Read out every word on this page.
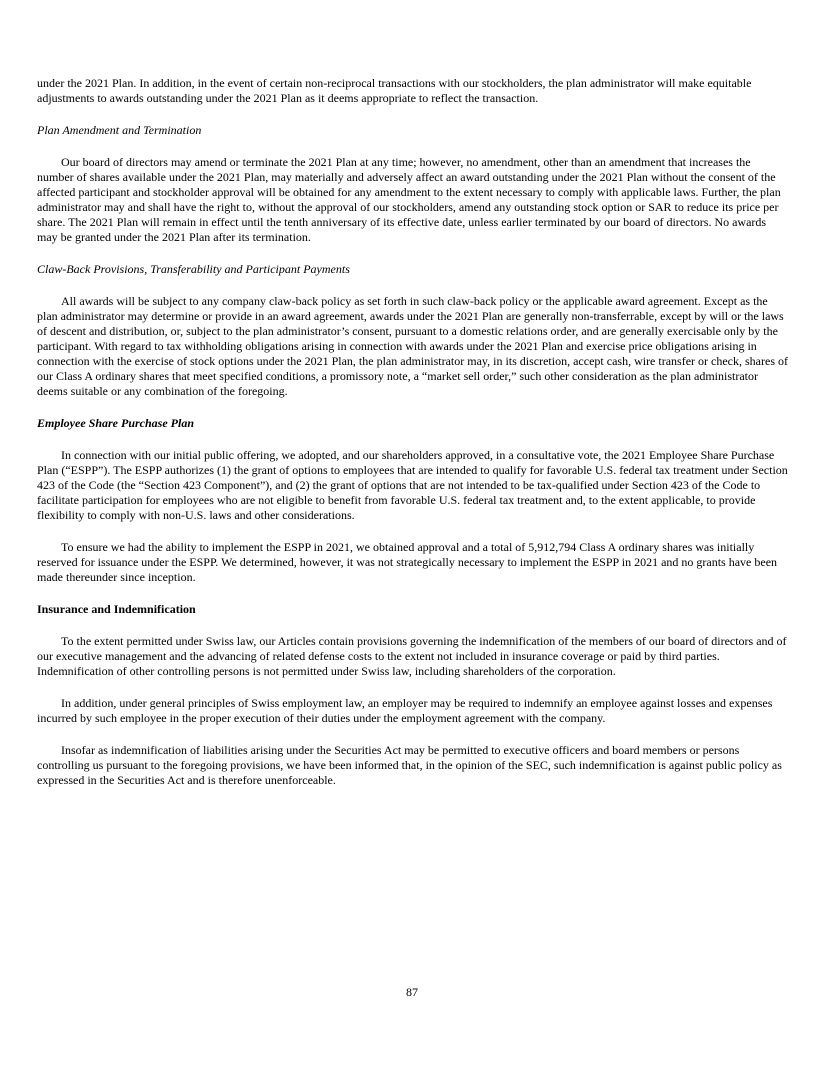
under the 2021 Plan. In addition, in the event of certain non-reciprocal transactions with our stockholders, the plan administrator will make equitable adjustments to awards outstanding under the 2021 Plan as it deems appropriate to reflect the transaction.

Plan Amendment and Termination

Our board of directors may amend or terminate the 2021 Plan at any time; however, no amendment, other than an amendment that increases the number of shares available under the 2021 Plan, may materially and adversely affect an award outstanding under the 2021 Plan without the consent of the affected participant and stockholder approval will be obtained for any amendment to the extent necessary to comply with applicable laws. Further, the plan administrator may and shall have the right to, without the approval of our stockholders, amend any outstanding stock option or SAR to reduce its price per share. The 2021 Plan will remain in effect until the tenth anniversary of its effective date, unless earlier terminated by our board of directors. No awards may be granted under the 2021 Plan after its termination.

Claw-Back Provisions, Transferability and Participant Payments

All awards will be subject to any company claw-back policy as set forth in such claw-back policy or the applicable award agreement. Except as the plan administrator may determine or provide in an award agreement, awards under the 2021 Plan are generally non-transferrable, except by will or the laws of descent and distribution, or, subject to the plan administrator’s consent, pursuant to a domestic relations order, and are generally exercisable only by the participant. With regard to tax withholding obligations arising in connection with awards under the 2021 Plan and exercise price obligations arising in connection with the exercise of stock options under the 2021 Plan, the plan administrator may, in its discretion, accept cash, wire transfer or check, shares of our Class A ordinary shares that meet specified conditions, a promissory note, a “market sell order,” such other consideration as the plan administrator deems suitable or any combination of the foregoing.

Employee Share Purchase Plan

In connection with our initial public offering, we adopted, and our shareholders approved, in a consultative vote, the 2021 Employee Share Purchase Plan (“ESPP”). The ESPP authorizes (1) the grant of options to employees that are intended to qualify for favorable U.S. federal tax treatment under Section 423 of the Code (the “Section 423 Component”), and (2) the grant of options that are not intended to be tax-qualified under Section 423 of the Code to facilitate participation for employees who are not eligible to benefit from favorable U.S. federal tax treatment and, to the extent applicable, to provide flexibility to comply with non-U.S. laws and other considerations.

To ensure we had the ability to implement the ESPP in 2021, we obtained approval and a total of 5,912,794 Class A ordinary shares was initially reserved for issuance under the ESPP. We determined, however, it was not strategically necessary to implement the ESPP in 2021 and no grants have been made thereunder since inception.

Insurance and Indemnification

To the extent permitted under Swiss law, our Articles contain provisions governing the indemnification of the members of our board of directors and of our executive management and the advancing of related defense costs to the extent not included in insurance coverage or paid by third parties. Indemnification of other controlling persons is not permitted under Swiss law, including shareholders of the corporation.

In addition, under general principles of Swiss employment law, an employer may be required to indemnify an employee against losses and expenses incurred by such employee in the proper execution of their duties under the employment agreement with the company.

Insofar as indemnification of liabilities arising under the Securities Act may be permitted to executive officers and board members or persons controlling us pursuant to the foregoing provisions, we have been informed that, in the opinion of the SEC, such indemnification is against public policy as expressed in the Securities Act and is therefore unenforceable.

87
